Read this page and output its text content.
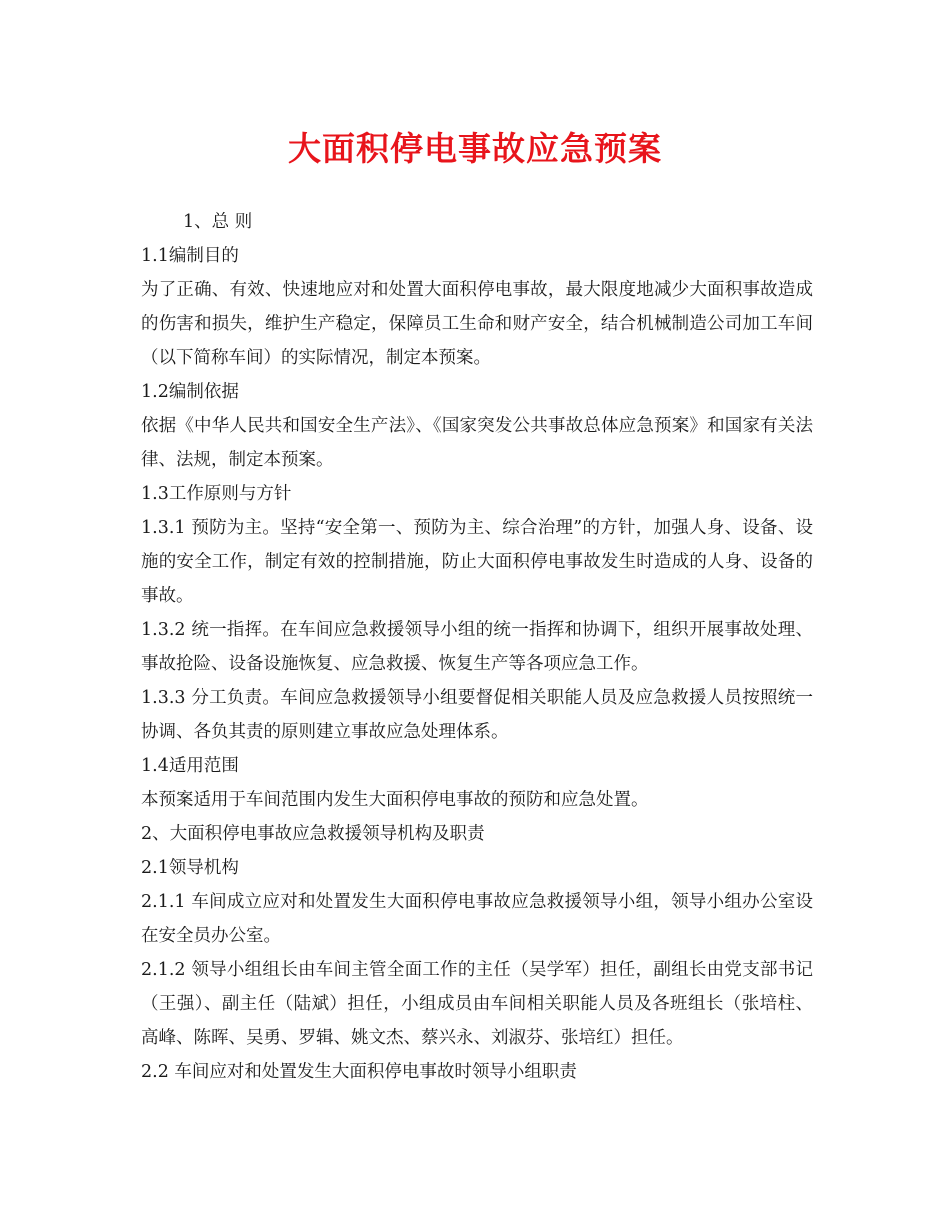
大面积停电事故应急预案

1、总 则

1.1编制目的

为了正确、有效、快速地应对和处置大面积停电事故，最大限度地减少大面积事故造成的伤害和损失，维护生产稳定，保障员工生命和财产安全，结合机械制造公司加工车间（以下简称车间）的实际情况，制定本预案。

1.2编制依据

依据《中华人民共和国安全生产法》、《国家突发公共事故总体应急预案》和国家有关法律、法规，制定本预案。

1.3工作原则与方针

1.3.1 预防为主。坚持“安全第一、预防为主、综合治理”的方针，加强人身、设备、设施的安全工作，制定有效的控制措施，防止大面积停电事故发生时造成的人身、设备的事故。

1.3.2 统一指挥。在车间应急救援领导小组的统一指挥和协调下，组织开展事故处理、事故抢险、设备设施恢复、应急救援、恢复生产等各项应急工作。

1.3.3 分工负责。车间应急救援领导小组要督促相关职能人员及应急救援人员按照统一协调、各负其责的原则建立事故应急处理体系。

1.4适用范围

本预案适用于车间范围内发生大面积停电事故的预防和应急处置。

2、大面积停电事故应急救援领导机构及职责

2.1领导机构

2.1.1 车间成立应对和处置发生大面积停电事故应急救援领导小组，领导小组办公室设在安全员办公室。

2.1.2 领导小组组长由车间主管全面工作的主任（吴学军）担任，副组长由党支部书记（王强）、副主任（陆斌）担任，小组成员由车间相关职能人员及各班组长（张培柱、高峰、陈晖、吴勇、罗辑、姚文杰、蔡兴永、刘淑芬、张培红）担任。

2.2 车间应对和处置发生大面积停电事故时领导小组职责
